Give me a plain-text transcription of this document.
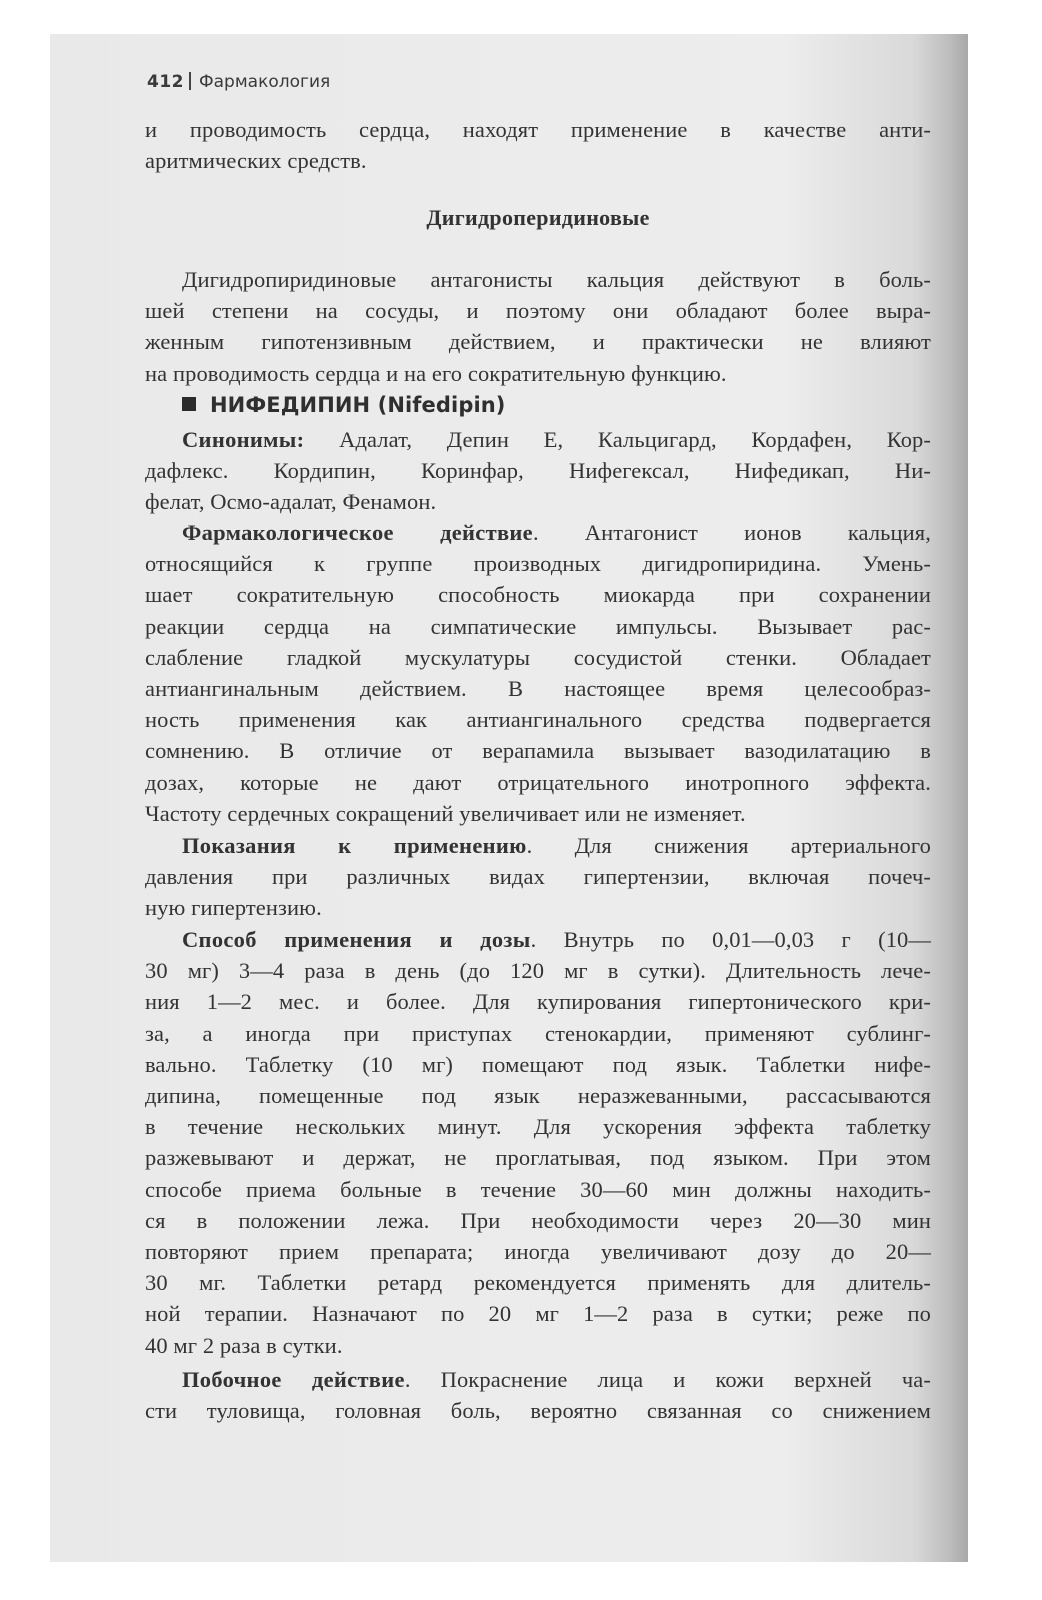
412 Фармакология
и проводимость сердца, находят применение в качестве анти-
аритмических средств.
Дигидроперидиновые
Дигидропиридиновые антагонисты кальция действуют в боль-
шей степени на сосуды, и поэтому они обладают более выра-
женным гипотензивным действием, и практически не влияют
на проводимость сердца и на его сократительную функцию.
НИФЕДИПИН (Nifedipin)
Синонимы: Адалат, Депин Е, Кальцигард, Кордафен, Кор-
дафлекс. Кордипин, Коринфар, Нифегексал, Нифедикап, Ни-
фелат, Осмо-адалат, Фенамон.
Фармакологическое действие. Антагонист ионов кальция,
относящийся к группе производных дигидропиридина. Умень-
шает сократительную способность миокарда при сохранении
реакции сердца на симпатические импульсы. Вызывает рас-
слабление гладкой мускулатуры сосудистой стенки. Обладает
антиангинальным действием. В настоящее время целесообраз-
ность применения как антиангинального средства подвергается
сомнению. В отличие от верапамила вызывает вазодилатацию в
дозах, которые не дают отрицательного инотропного эффекта.
Частоту сердечных сокращений увеличивает или не изменяет.
Показания к применению. Для снижения артериального
давления при различных видах гипертензии, включая почеч-
ную гипертензию.
Способ применения и дозы. Внутрь по 0,01—0,03 г (10—
30 мг) 3—4 раза в день (до 120 мг в сутки). Длительность лече-
ния 1—2 мес. и более. Для купирования гипертонического кри-
за, а иногда при приступах стенокардии, применяют сублинг-
вально. Таблетку (10 мг) помещают под язык. Таблетки нифе-
дипина, помещенные под язык неразжеванными, рассасываются
в течение нескольких минут. Для ускорения эффекта таблетку
разжевывают и держат, не проглатывая, под языком. При этом
способе приема больные в течение 30—60 мин должны находить-
ся в положении лежа. При необходимости через 20—30 мин
повторяют прием препарата; иногда увеличивают дозу до 20—
30 мг. Таблетки ретард рекомендуется применять для длитель-
ной терапии. Назначают по 20 мг 1—2 раза в сутки; реже по
40 мг 2 раза в сутки.
Побочное действие. Покраснение лица и кожи верхней ча-
сти туловища, головная боль, вероятно связанная со снижением
